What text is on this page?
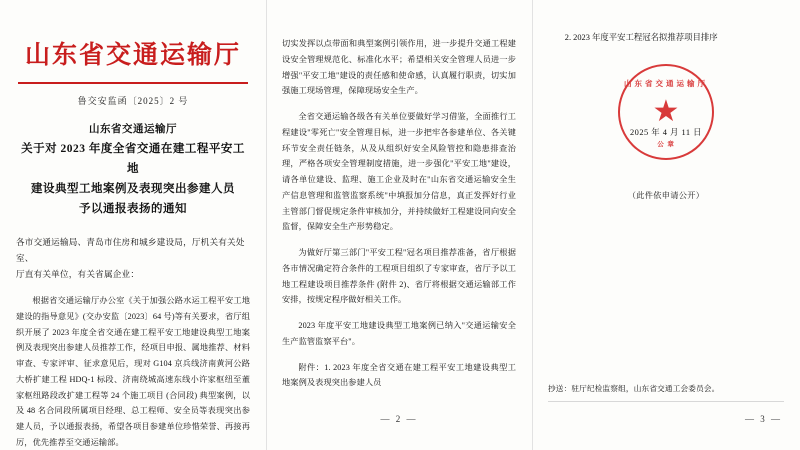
山东省交通运输厅
鲁交安监函〔2025〕2 号
山东省交通运输厅
关于对 2023 年度全省交通在建工程平安工地
建设典型工地案例及表现突出参建人员
予以通报表扬的通知
各市交通运输局、青岛市住房和城乡建设局，厅机关有关处室、
厅直有关单位，有关省属企业：
根据省交通运输厅办公室《关于加强公路水运工程平安工地建设的指导意见》(交办安监〔2023〕64 号)等有关要求，省厅组织开展了 2023 年度全省交通在建工程平安工地建设典型工地案例及表现突出参建人员推荐工作，经项目申报、属地推荐、材料审查、专家评审、征求意见后，现对 G104 京兵线济南黄河公路大桥扩建工程 HDQ-1 标段、济南绕城高速东线小许家枢纽至董家枢纽路段改扩建工程等 24 个施工项目 (合同段) 典型案例，以及 48 名合同段所属项目经理、总工程师、安全员等表现突出参建人员，予以通报表扬，希望各项目参建单位珍惜荣誉、再接再厉，优先推荐至交通运输部。
切实发挥以点带面和典型案例引领作用，进一步提升交通工程建设安全管理规范化、标准化水平；希望相关安全管理人员进一步增强"平安工地"建设的责任感和使命感，认真履行职责，切实加强施工现场管理，保障现场安全生产。
全省交通运输各级各有关单位要做好学习借鉴，全面推行工程建设"零死亡"安全管理目标，进一步把牢各参建单位、各关键环节安全责任链条，从及从组织好安全风险管控和隐患排查治理，严格各项安全管理制度措施，进一步强化"平安工地"建设，请各单位建设、监理、施工企业及时在"山东省交通运输安全生产信息管理和监管监察系统"中填报加分信息，真正发挥好行业主管部门督促规定条件审核加分，并持续做好工程建设同向安全监督，保障安全生产形势稳定。
为做好厅第三部门"平安工程"冠名项目推荐准备，省厅根据各市情况确定符合条件的工程项目组织了专家审查，省厅予以工地工程建设项目推荐条件 (附件 2)、省厅将根据交通运输部工作安排，按规定程序做好相关工作。
2023 年度平安工地建设典型工地案例已纳入"交通运输安全生产监管监察平台"。
附件：1. 2023 年度全省交通在建工程平安工地建设典型工地案例及表现突出参建人员
— 2 —
2. 2023 年度平安工程冠名拟推荐项目排序
山东省交通运输厅
★
公 章
2025 年 4 月 11 日
（此件依申请公开）
抄送：驻厅纪检监察组，山东省交通工会委员会。
— 3 —
